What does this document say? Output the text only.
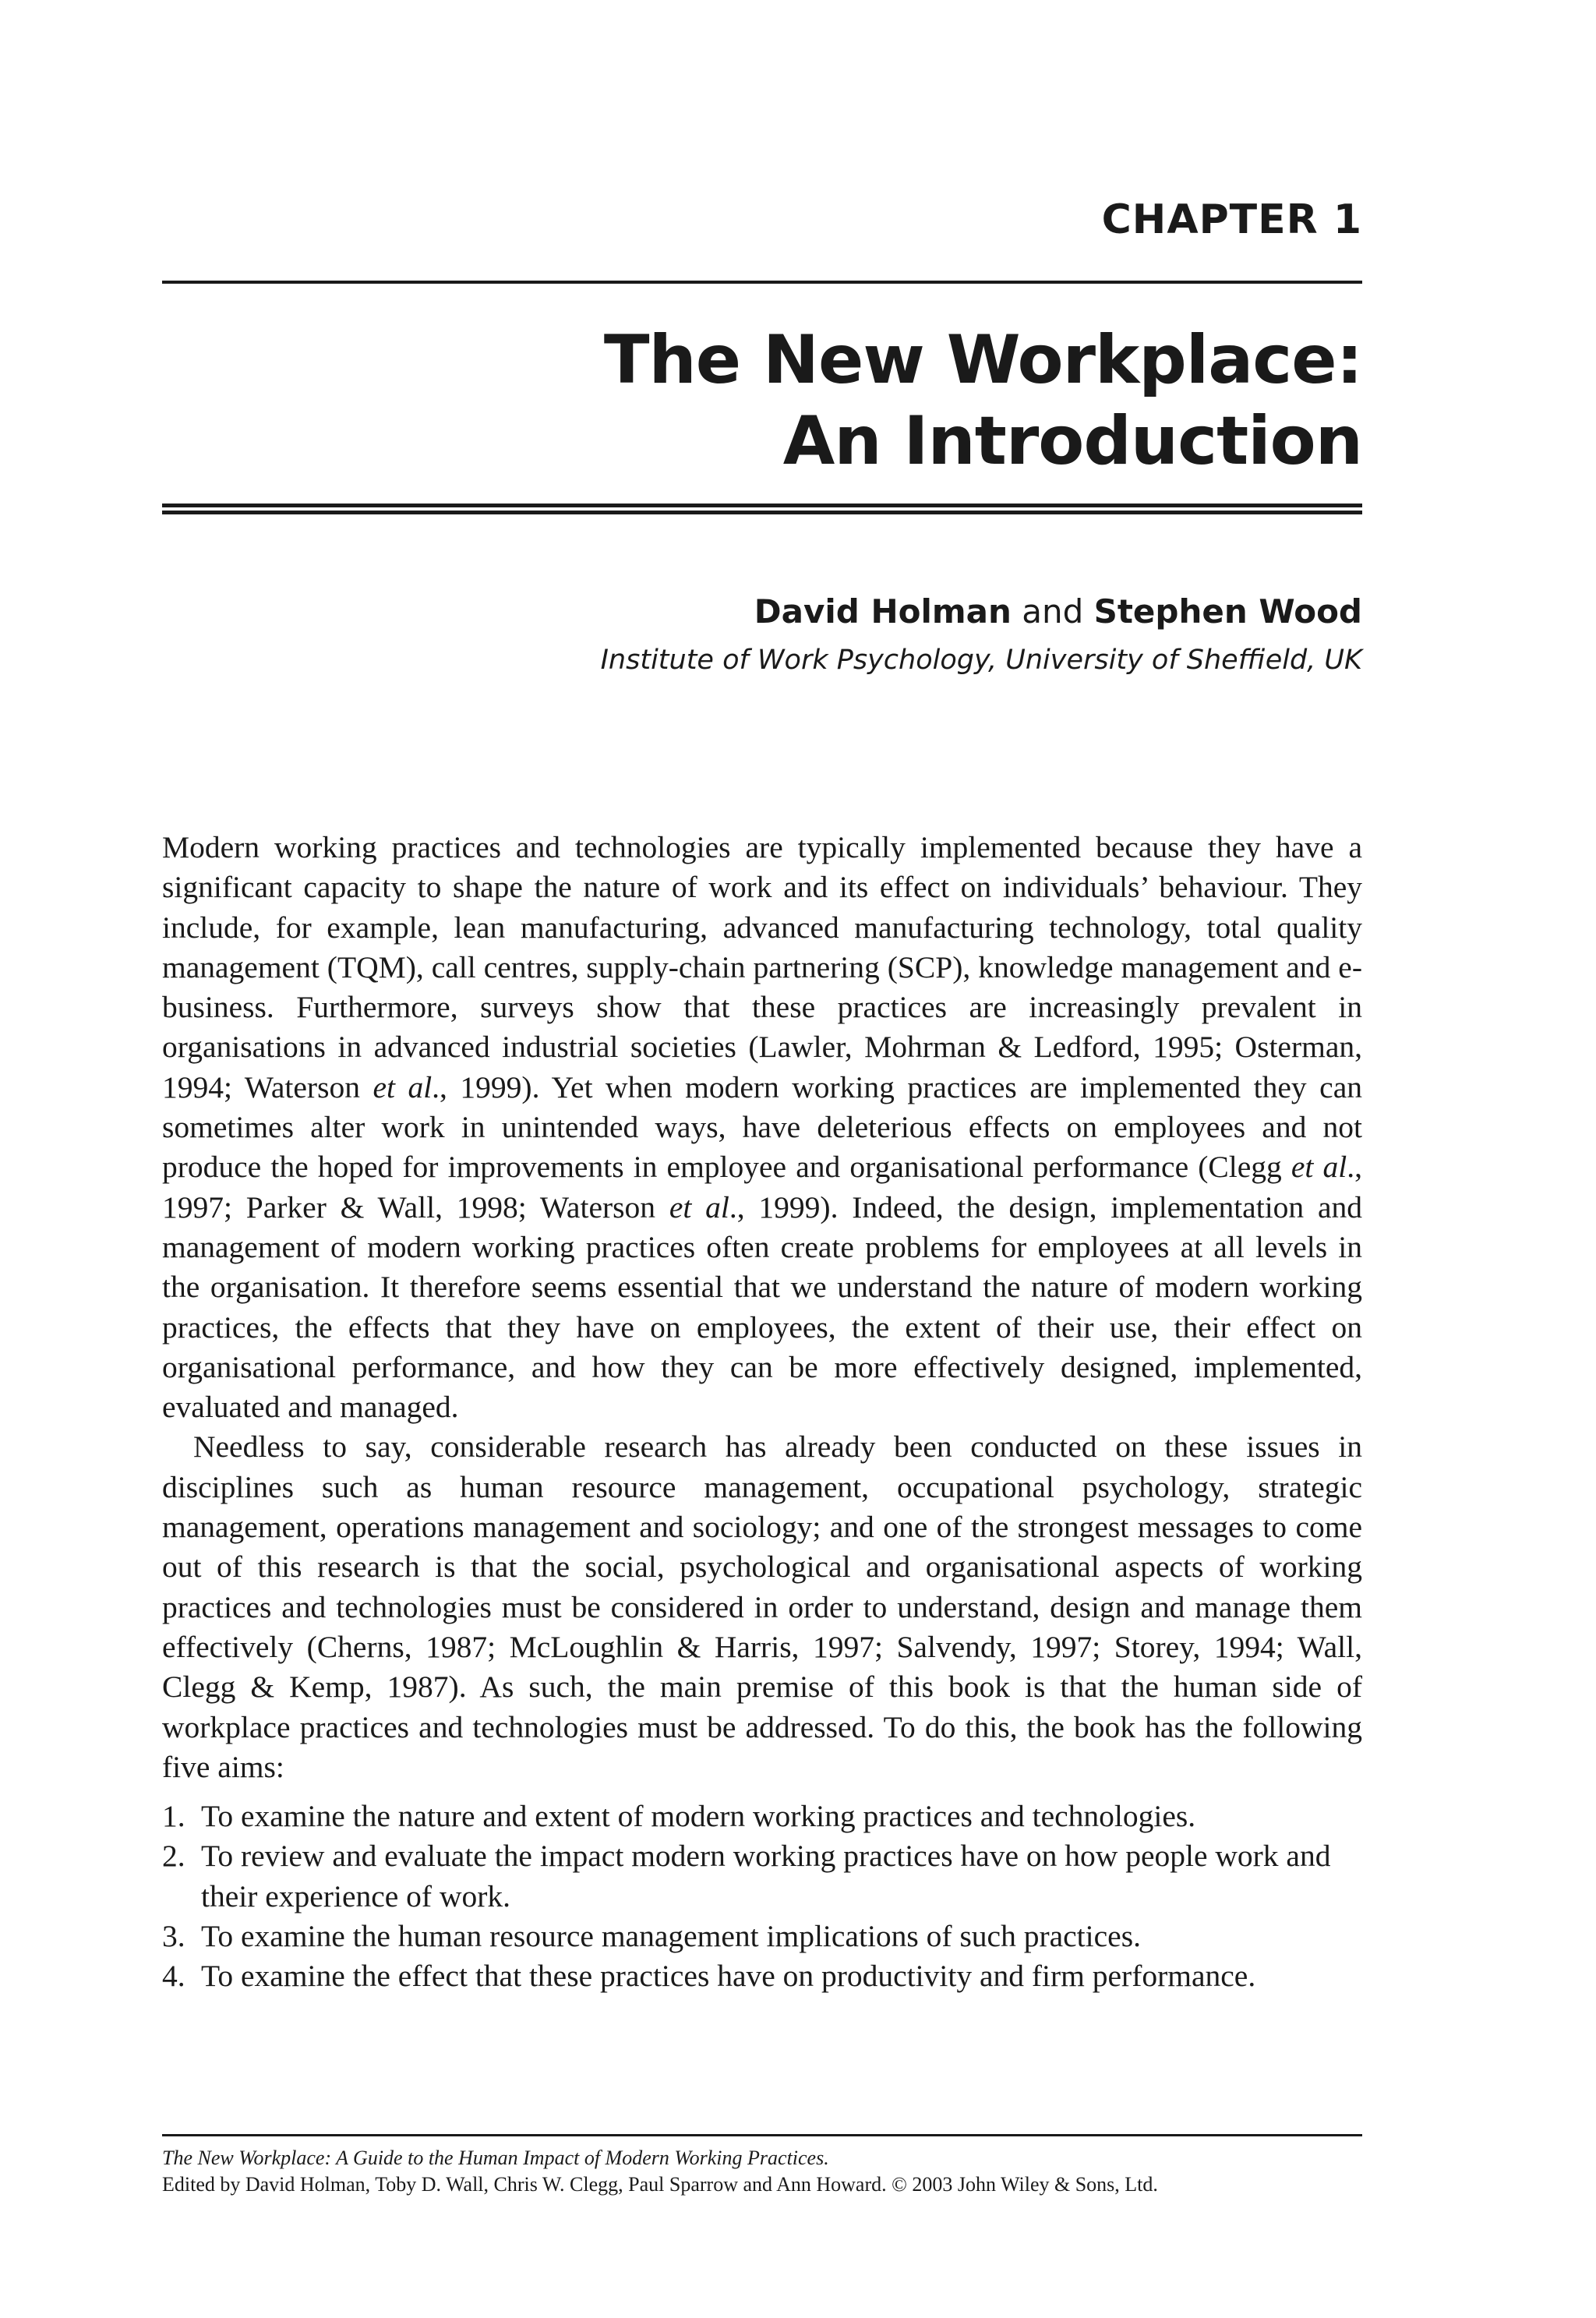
CHAPTER 1
The New Workplace:
An Introduction
David Holman and Stephen Wood
Institute of Work Psychology, University of Sheffield, UK

Modern working practices and technologies are typically implemented because they have a significant capacity to shape the nature of work and its effect on individuals’ behaviour. They include, for example, lean manufacturing, advanced manufacturing technology, total quality management (TQM), call centres, supply-chain partnering (SCP), knowledge management and e-business. Furthermore, surveys show that these practices are increasingly prevalent in organisations in advanced industrial societies (Lawler, Mohrman & Ledford, 1995; Osterman, 1994; Waterson et al., 1999). Yet when modern working practices are implemented they can sometimes alter work in unintended ways, have deleterious effects on employees and not produce the hoped for improvements in employee and organisational performance (Clegg et al., 1997; Parker & Wall, 1998; Waterson et al., 1999). Indeed, the design, implementation and management of modern working practices often create problems for employees at all levels in the organisation. It therefore seems essential that we understand the nature of modern working practices, the effects that they have on employees, the extent of their use, their effect on organisational performance, and how they can be more effectively designed, implemented, evaluated and managed.

Needless to say, considerable research has already been conducted on these issues in disciplines such as human resource management, occupational psychology, strategic management, operations management and sociology; and one of the strongest messages to come out of this research is that the social, psychological and organisational aspects of working practices and technologies must be considered in order to understand, design and manage them effectively (Cherns, 1987; McLoughlin & Harris, 1997; Salvendy, 1997; Storey, 1994; Wall, Clegg & Kemp, 1987). As such, the main premise of this book is that the human side of workplace practices and technologies must be addressed. To do this, the book has the following five aims:

1. To examine the nature and extent of modern working practices and technologies.
2. To review and evaluate the impact modern working practices have on how people work and their experience of work.
3. To examine the human resource management implications of such practices.
4. To examine the effect that these practices have on productivity and firm performance.
The New Workplace: A Guide to the Human Impact of Modern Working Practices.
Edited by David Holman, Toby D. Wall, Chris W. Clegg, Paul Sparrow and Ann Howard. © 2003 John Wiley & Sons, Ltd.
